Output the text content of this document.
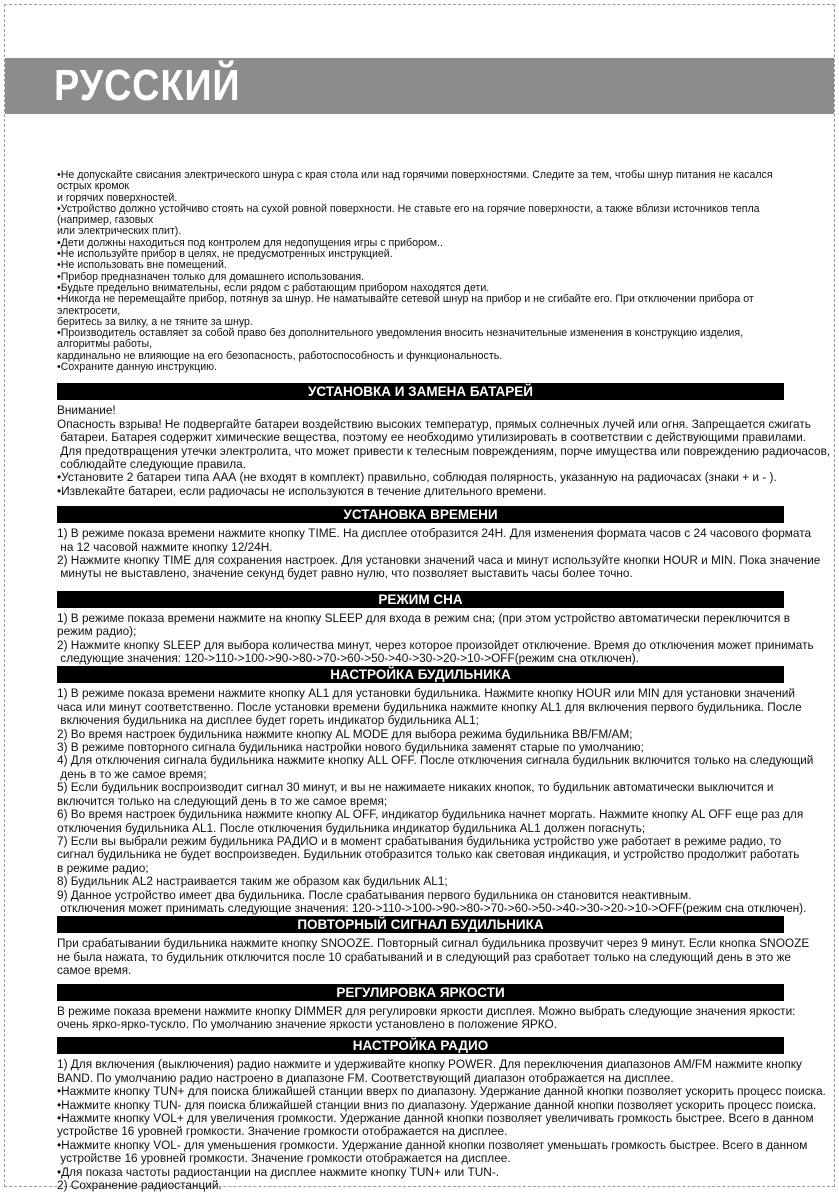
РУССКИЙ

•Не допускайте свисания электрического шнура с края стола или над горячими поверхностями. Следите за тем, чтобы шнур питания не касался острых кромок

и горячих поверхностей.

•Устройство должно устойчиво стоять на сухой ровной поверхности. Не ставьте его на горячие поверхности, а также вблизи источников тепла (например, газовых

или электрических плит).

•Дети должны находиться под контролем для недопущения игры с прибором..

•Не используйте прибор в целях, не предусмотренных инструкцией.

•Не использовать вне помещений.

•Прибор предназначен только для домашнего использования.

•Будьте предельно внимательны, если рядом с работающим прибором находятся дети.

•Никогда не перемещайте прибор, потянув за шнур. Не наматывайте сетевой шнур на прибор и не сгибайте его. При отключении прибора от электросети,

беритесь за вилку, а не тяните за шнур.

•Производитель оставляет за собой право без дополнительного уведомления вносить незначительные изменения в конструкцию изделия, алгоритмы работы,

кардинально не влияющие на его безопасность, работоспособность и функциональность.

•Сохраните данную инструкцию.

УСТАНОВКА И ЗАМЕНА БАТАРЕЙ

Внимание!

Опасность взрыва! Не подвергайте батареи воздействию высоких температур, прямых солнечных лучей или огня. Запрещается сжигать

батареи. Батарея содержит химические вещества, поэтому ее необходимо утилизировать в соответствии с действующими правилами.

Для предотвращения утечки электролита, что может привести к телесным повреждениям, порче имущества или повреждению радиочасов,

соблюдайте следующие правила.

•Установите 2 батареи типа ААА (не входят в комплект) правильно, соблюдая полярность, указанную на радиочасах (знаки + и - ).

•Извлекайте батареи, если радиочасы не используются в течение длительного времени.

УСТАНОВКА ВРЕМЕНИ

1) В режиме показа времени нажмите кнопку TIME. На дисплее отобразится 24H. Для изменения формата часов с 24 часового формата

на 12 часовой нажмите кнопку 12/24H.

2) Нажмите кнопку TIME для сохранения настроек. Для установки значений часа и минут используйте кнопки HOUR и MIN. Пока значение

минуты не выставлено, значение секунд будет равно нулю, что позволяет выставить часы более точно.

РЕЖИМ СНА

1) В режиме показа времени нажмите на кнопку SLEEP для входа в режим сна; (при этом устройство автоматически переключится в

режим радио);

2) Нажмите кнопку SLEEP для выбора количества минут, через которое произойдет отключение. Время до отключения может принимать

следующие значения: 120->110->100->90->80->70->60->50->40->30->20->10->OFF(режим сна отключен).

НАСТРОЙКА БУДИЛЬНИКА

1) В режиме показа времени нажмите кнопку AL1 для установки будильника. Нажмите кнопку HOUR или MIN для установки значений

часа или минут соответственно. После установки времени будильника нажмите кнопку AL1 для включения первого будильника. После

включения будильника на дисплее будет гореть индикатор будильника AL1;

2) Во время настроек будильника нажмите кнопку AL MODE для выбора режима будильника BB/FM/AM;

3) В режиме повторного сигнала будильника настройки нового будильника заменят старые по умолчанию;

4) Для отключения сигнала будильника нажмите кнопку ALL OFF. После отключения сигнала будильник включится только на следующий

день в то же самое время;

5) Если будильник воспроизводит сигнал 30 минут, и вы не нажимаете никаких кнопок, то будильник автоматически выключится и

включится только на следующий день в то же самое время;

6) Во время настроек будильника нажмите кнопку AL OFF, индикатор будильника начнет моргать. Нажмите кнопку AL OFF еще раз для

отключения будильника AL1. После отключения будильника индикатор будильника AL1 должен погаснуть;

7) Если вы выбрали режим будильника РАДИО и в момент срабатывания будильника устройство уже работает в режиме радио, то

сигнал будильника не будет воспроизведен. Будильник отобразится только как световая индикация, и устройство продолжит работать

в режиме радио;

8) Будильник AL2 настраивается таким же образом как будильник AL1;

9) Данное устройство имеет два будильника. После срабатывания первого будильника он становится неактивным.

отключения может принимать следующие значения: 120->110->100->90->80->70->60->50->40->30->20->10->OFF(режим сна отключен).

ПОВТОРНЫЙ СИГНАЛ БУДИЛЬНИКА

При срабатывании будильника нажмите кнопку SNOOZE. Повторный сигнал будильника прозвучит через 9 минут. Если кнопка SNOOZE

не была нажата, то будильник отключится после 10 срабатываний и в следующий раз сработает только на следующий день в это же

самое время.

РЕГУЛИРОВКА ЯРКОСТИ

В режиме показа времени нажмите кнопку DIMMER для регулировки яркости дисплея. Можно выбрать следующие значения яркости:

очень ярко-ярко-тускло. По умолчанию значение яркости установлено в положение ЯРКО.

НАСТРОЙКА РАДИО

1) Для включения (выключения) радио нажмите и удерживайте кнопку POWER. Для переключения диапазонов AM/FM нажмите кнопку

BAND. По умолчанию радио настроено в диапазоне FM. Соответствующий диапазон отображается на дисплее.

•Нажмите кнопку TUN+ для поиска ближайшей станции вверх по диапазону. Удержание данной кнопки позволяет ускорить процесс поиска.

•Нажмите кнопку TUN- для поиска ближайшей станции вниз по диапазону. Удержание данной кнопки позволяет ускорить процесс поиска.

•Нажмите кнопку VOL+ для увеличения громкости. Удержание данной кнопки позволяет увеличивать громкость быстрее. Всего в данном

устройстве 16 уровней громкости. Значение громкости отображается на дисплее.

•Нажмите кнопку VOL- для уменьшения громкости. Удержание данной кнопки позволяет уменьшать громкость быстрее. Всего в данном

устройстве 16 уровней громкости. Значение громкости отображается на дисплее.

•Для показа частоты радиостанции на дисплее нажмите кнопку TUN+ или TUN-.

2) Сохранение радиостанций.
